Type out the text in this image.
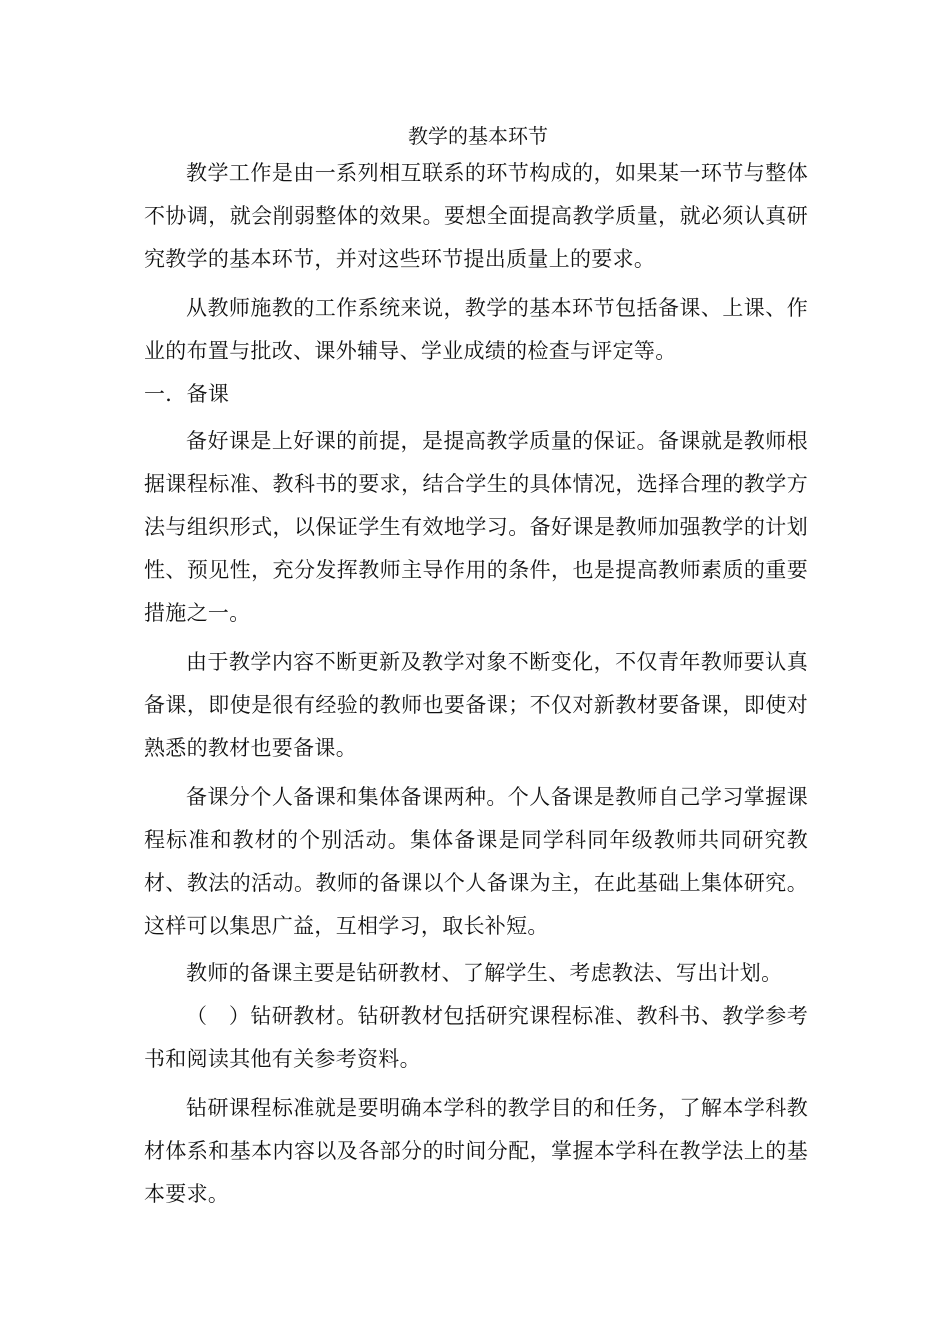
教学的基本环节

教学工作是由一系列相互联系的环节构成的，如果某一环节与整体不协调，就会削弱整体的效果。要想全面提高教学质量，就必须认真研究教学的基本环节，并对这些环节提出质量上的要求。

从教师施教的工作系统来说，教学的基本环节包括备课、上课、作业的布置与批改、课外辅导、学业成绩的检查与评定等。

一．备课

备好课是上好课的前提，是提高教学质量的保证。备课就是教师根据课程标准、教科书的要求，结合学生的具体情况，选择合理的教学方法与组织形式，以保证学生有效地学习。备好课是教师加强教学的计划性、预见性，充分发挥教师主导作用的条件，也是提高教师素质的重要措施之一。

由于教学内容不断更新及教学对象不断变化，不仅青年教师要认真备课，即使是很有经验的教师也要备课；不仅对新教材要备课，即使对熟悉的教材也要备课。

备课分个人备课和集体备课两种。个人备课是教师自己学习掌握课程标准和教材的个别活动。集体备课是同学科同年级教师共同研究教材、教法的活动。教师的备课以个人备课为主，在此基础上集体研究。这样可以集思广益，互相学习，取长补短。

教师的备课主要是钻研教材、了解学生、考虑教法、写出计划。

（　）钻研教材。钻研教材包括研究课程标准、教科书、教学参考书和阅读其他有关参考资料。

钻研课程标准就是要明确本学科的教学目的和任务，了解本学科教材体系和基本内容以及各部分的时间分配，掌握本学科在教学法上的基本要求。
